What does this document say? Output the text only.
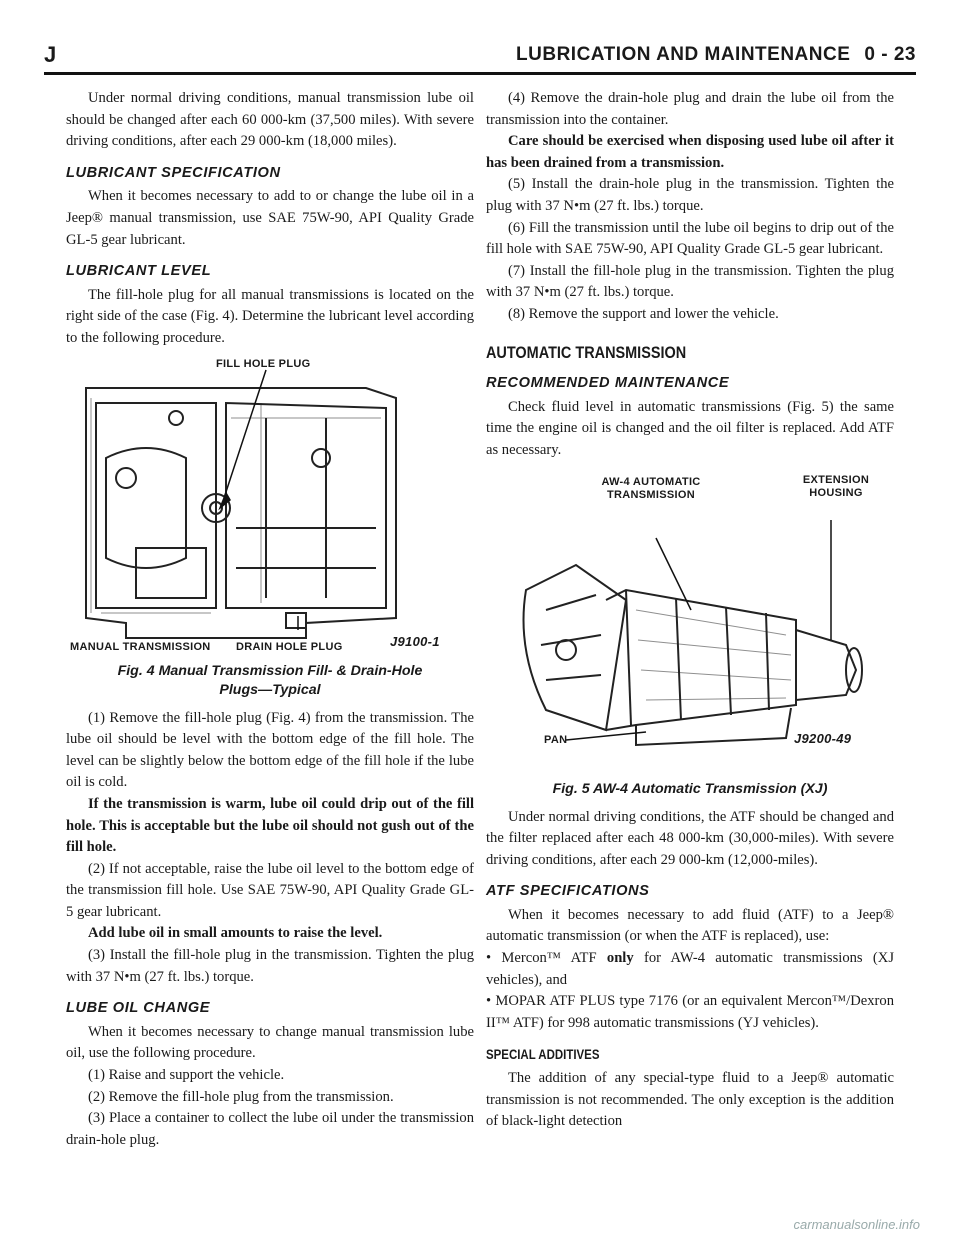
J	LUBRICATION AND MAINTENANCE 0 - 23

Under normal driving conditions, manual transmission lube oil should be changed after each 60 000-km (37,500 miles). With severe driving conditions, after each 29 000-km (18,000 miles).

LUBRICANT SPECIFICATION

When it becomes necessary to add to or change the lube oil in a Jeep® manual transmission, use SAE 75W-90, API Quality Grade GL-5 gear lubricant.

LUBRICANT LEVEL

The fill-hole plug for all manual transmissions is located on the right side of the case (Fig. 4). Determine the lubricant level according to the following procedure.

FILL HOLE PLUG
MANUAL TRANSMISSION DRAIN HOLE PLUG	J9100-1
Fig. 4 Manual Transmission Fill- & Drain-Hole Plugs—Typical

(1) Remove the fill-hole plug (Fig. 4) from the transmission. The lube oil should be level with the bottom edge of the fill hole. The level can be slightly below the bottom edge of the fill hole if the lube oil is cold.

If the transmission is warm, lube oil could drip out of the fill hole. This is acceptable but the lube oil should not gush out of the fill hole.

(2) If not acceptable, raise the lube oil level to the bottom edge of the transmission fill hole. Use SAE 75W-90, API Quality Grade GL-5 gear lubricant.

Add lube oil in small amounts to raise the level.

(3) Install the fill-hole plug in the transmission. Tighten the plug with 37 N•m (27 ft. lbs.) torque.

LUBE OIL CHANGE

When it becomes necessary to change manual transmission lube oil, use the following procedure.

(1) Raise and support the vehicle.

(2) Remove the fill-hole plug from the transmission.

(3) Place a container to collect the lube oil under the transmission drain-hole plug.

(4) Remove the drain-hole plug and drain the lube oil from the transmission into the container.

Care should be exercised when disposing used lube oil after it has been drained from a transmission.

(5) Install the drain-hole plug in the transmission. Tighten the plug with 37 N•m (27 ft. lbs.) torque.

(6) Fill the transmission until the lube oil begins to drip out of the fill hole with SAE 75W-90, API Quality Grade GL-5 gear lubricant.

(7) Install the fill-hole plug in the transmission. Tighten the plug with 37 N•m (27 ft. lbs.) torque.

(8) Remove the support and lower the vehicle.

AUTOMATIC TRANSMISSION
RECOMMENDED MAINTENANCE

Check fluid level in automatic transmissions (Fig. 5) the same time the engine oil is changed and the oil filter is replaced. Add ATF as necessary.

AW-4 AUTOMATIC TRANSMISSION
EXTENSION HOUSING
PAN	J9200-49
Fig. 5 AW-4 Automatic Transmission (XJ)

Under normal driving conditions, the ATF should be changed and the filter replaced after each 48 000-km (30,000-miles). With severe driving conditions, after each 29 000-km (12,000-miles).

ATF SPECIFICATIONS

When it becomes necessary to add fluid (ATF) to a Jeep® automatic transmission (or when the ATF is replaced), use:

• Mercon™ ATF only for AW-4 automatic transmissions (XJ vehicles), and

• MOPAR ATF PLUS type 7176 (or an equivalent Mercon™/Dexron II™ ATF) for 998 automatic transmissions (YJ vehicles).

SPECIAL ADDITIVES

The addition of any special-type fluid to a Jeep® automatic transmission is not recommended. The only exception is the addition of black-light detection

carmanualsonline.info
